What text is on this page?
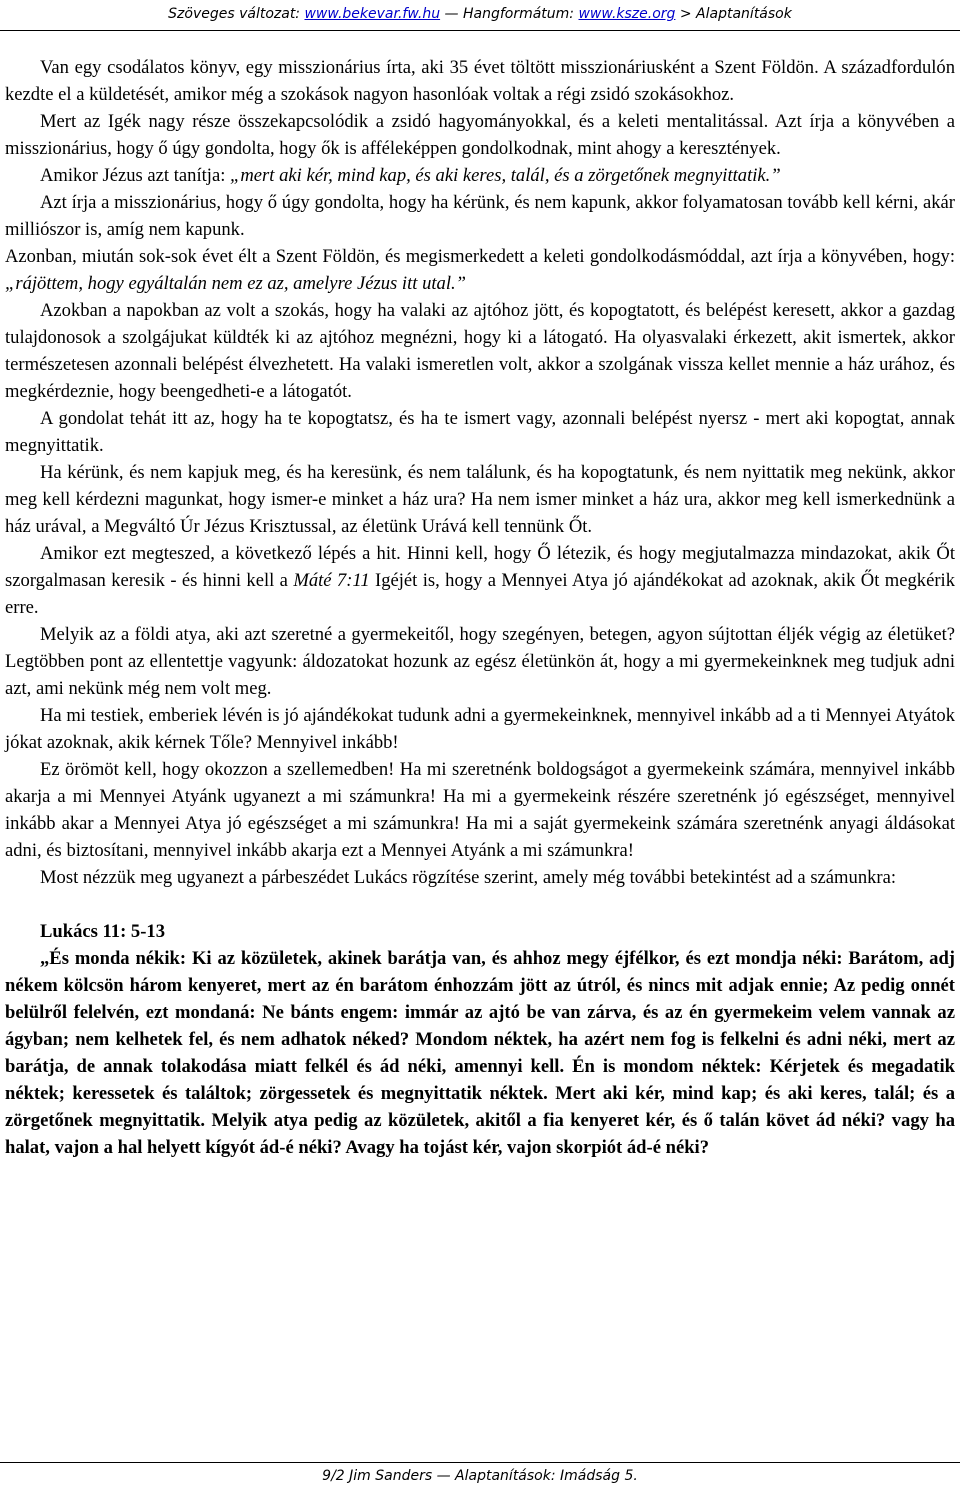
Szöveges változat: www.bekevar.fw.hu — Hangformátum: www.ksze.org > Alaptanítások

Van egy csodálatos könyv, egy misszionárius írta, aki 35 évet töltött misszionáriusként a Szent Földön. A századfordulón kezdte el a küldetését, amikor még a szokások nagyon hasonlóak voltak a régi zsidó szokásokhoz.

Mert az Igék nagy része összekapcsolódik a zsidó hagyományokkal, és a keleti mentalitással. Azt írja a könyvében a misszionárius, hogy ő úgy gondolta, hogy ők is afféleképpen gondolkodnak, mint ahogy a keresztények.

Amikor Jézus azt tanítja: „mert aki kér, mind kap, és aki keres, talál, és a zörgetőnek megnyittatik.”

Azt írja a misszionárius, hogy ő úgy gondolta, hogy ha kérünk, és nem kapunk, akkor folyamatosan tovább kell kérni, akár milliószor is, amíg nem kapunk.

Azonban, miután sok-sok évet élt a Szent Földön, és megismerkedett a keleti gondolkodásmóddal, azt írja a könyvében, hogy: „rájöttem, hogy egyáltalán nem ez az, amelyre Jézus itt utal.”

Azokban a napokban az volt a szokás, hogy ha valaki az ajtóhoz jött, és kopogtatott, és belépést keresett, akkor a gazdag tulajdonosok a szolgájukat küldték ki az ajtóhoz megnézni, hogy ki a látogató. Ha olyasvalaki érkezett, akit ismertek, akkor természetesen azonnali belépést élvezhetett. Ha valaki ismeretlen volt, akkor a szolgának vissza kellet mennie a ház urához, és megkérdeznie, hogy beengedheti-e a látogatót.

A gondolat tehát itt az, hogy ha te kopogtatsz, és ha te ismert vagy, azonnali belépést nyersz - mert aki kopogtat, annak megnyittatik.

Ha kérünk, és nem kapjuk meg, és ha keresünk, és nem találunk, és ha kopogtatunk, és nem nyittatik meg nekünk, akkor meg kell kérdezni magunkat, hogy ismer-e minket a ház ura? Ha nem ismer minket a ház ura, akkor meg kell ismerkednünk a ház urával, a Megváltó Úr Jézus Krisztussal, az életünk Urává kell tennünk Őt.

Amikor ezt megteszed, a következő lépés a hit. Hinni kell, hogy Ő létezik, és hogy megjutalmazza mindazokat, akik Őt szorgalmasan keresik - és hinni kell a Máté 7:11 Igéjét is, hogy a Mennyei Atya jó ajándékokat ad azoknak, akik Őt megkérik erre.

Melyik az a földi atya, aki azt szeretné a gyermekeitől, hogy szegényen, betegen, agyon sújtottan éljék végig az életüket? Legtöbben pont az ellentettje vagyunk: áldozatokat hozunk az egész életünkön át, hogy a mi gyermekeinknek meg tudjuk adni azt, ami nekünk még nem volt meg.

Ha mi testiek, emberiek lévén is jó ajándékokat tudunk adni a gyermekeinknek, mennyivel inkább ad a ti Mennyei Atyátok jókat azoknak, akik kérnek Tőle? Mennyivel inkább!

Ez örömöt kell, hogy okozzon a szellemedben! Ha mi szeretnénk boldogságot a gyermekeink számára, mennyivel inkább akarja a mi Mennyei Atyánk ugyanezt a mi számunkra! Ha mi a gyermekeink részére szeretnénk jó egészséget, mennyivel inkább akar a Mennyei Atya jó egészséget a mi számunkra! Ha mi a saját gyermekeink számára szeretnénk anyagi áldásokat adni, és biztosítani, mennyivel inkább akarja ezt a Mennyei Atyánk a mi számunkra!

Most nézzük meg ugyanezt a párbeszédet Lukács rögzítése szerint, amely még további betekintést ad a számunkra:

Lukács 11: 5-13

„És monda nékik: Ki az közületek, akinek barátja van, és ahhoz megy éjfélkor, és ezt mondja néki: Barátom, adj nékem kölcsön három kenyeret, mert az én barátom énhozzám jött az útról, és nincs mit adjak ennie; Az pedig onnét belülről felelvén, ezt mondaná: Ne bánts engem: immár az ajtó be van zárva, és az én gyermekeim velem vannak az ágyban; nem kelhetek fel, és nem adhatok néked? Mondom néktek, ha azért nem fog is felkelni és adni néki, mert az barátja, de annak tolakodása miatt felkél és ád néki, amennyi kell. Én is mondom néktek: Kérjetek és megadatik néktek; keressetek és találtok; zörgessetek és megnyittatik néktek. Mert aki kér, mind kap; és aki keres, talál; és a zörgetőnek megnyittatik. Melyik atya pedig az közületek, akitől a fia kenyeret kér, és ő talán követ ád néki? vagy ha halat, vajon a hal helyett kígyót ád-é néki? Avagy ha tojást kér, vajon skorpiót ád-é néki?

9/2 Jim Sanders — Alaptanítások: Imádság 5.
